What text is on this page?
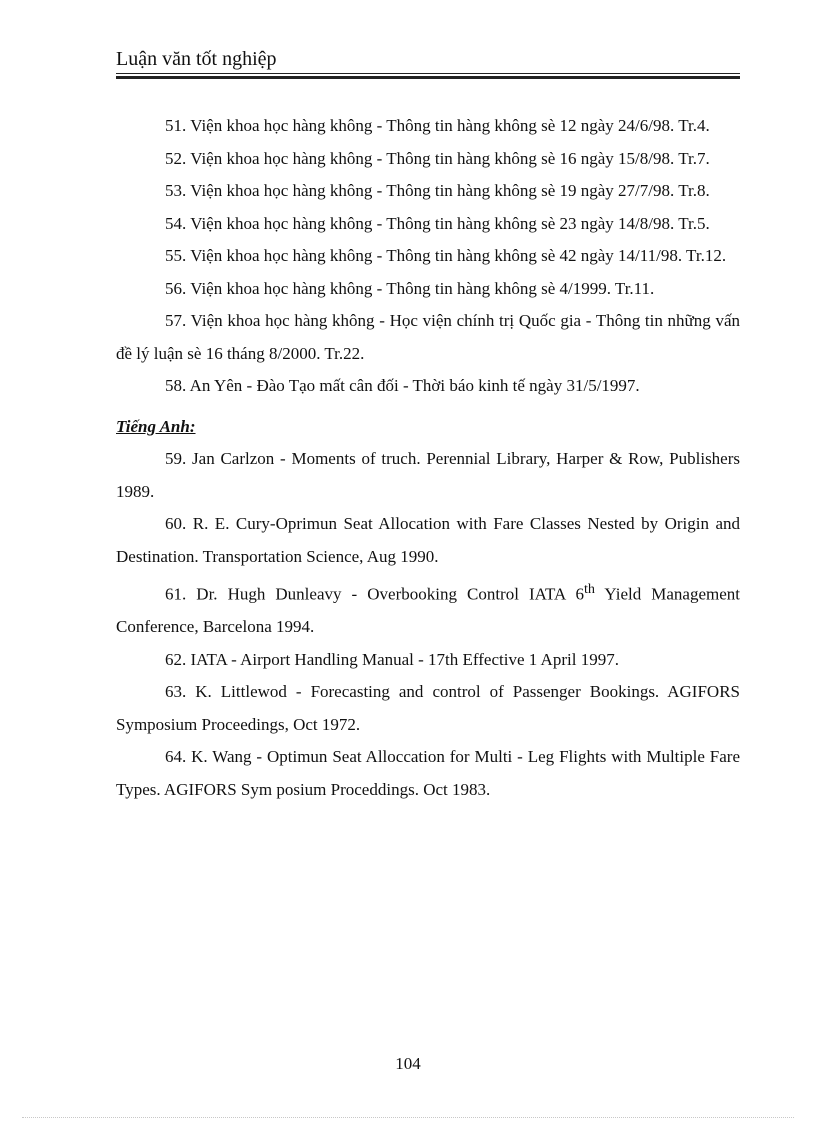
Luận văn tốt nghiệp

51. Viện khoa học hàng không - Thông tin hàng không sè 12 ngày 24/6/98. Tr.4.

52. Viện khoa học hàng không - Thông tin hàng không sè 16 ngày 15/8/98. Tr.7.

53. Viện khoa học hàng không - Thông tin hàng không sè 19 ngày 27/7/98. Tr.8.

54. Viện khoa học hàng không - Thông tin hàng không sè 23 ngày 14/8/98. Tr.5.

55. Viện khoa học hàng không - Thông tin hàng không sè 42 ngày 14/11/98. Tr.12.

56. Viện khoa học hàng không - Thông tin hàng không sè 4/1999. Tr.11.

57. Viện khoa học hàng không - Học viện chính trị Quốc gia - Thông tin những vấn đề lý luận sè 16 tháng 8/2000. Tr.22.

58. An Yên - Đào Tạo mất cân đối - Thời báo kinh tế ngày 31/5/1997.

Tiếng Anh:

59. Jan Carlzon - Moments of truch. Perennial Library, Harper & Row, Publishers 1989.

60. R. E. Cury-Oprimun Seat Allocation with Fare Classes Nested by Origin and Destination. Transportation Science, Aug 1990.

61. Dr. Hugh Dunleavy - Overbooking Control IATA 6th Yield Management Conference, Barcelona 1994.

62. IATA - Airport Handling Manual - 17th Effective 1 April 1997.

63. K. Littlewod - Forecasting and control of Passenger Bookings. AGIFORS Symposium Proceedings, Oct 1972.

64. K. Wang - Optimun Seat Alloccation for Multi - Leg Flights with Multiple Fare Types. AGIFORS Sym posium Proceddings. Oct 1983.

104
